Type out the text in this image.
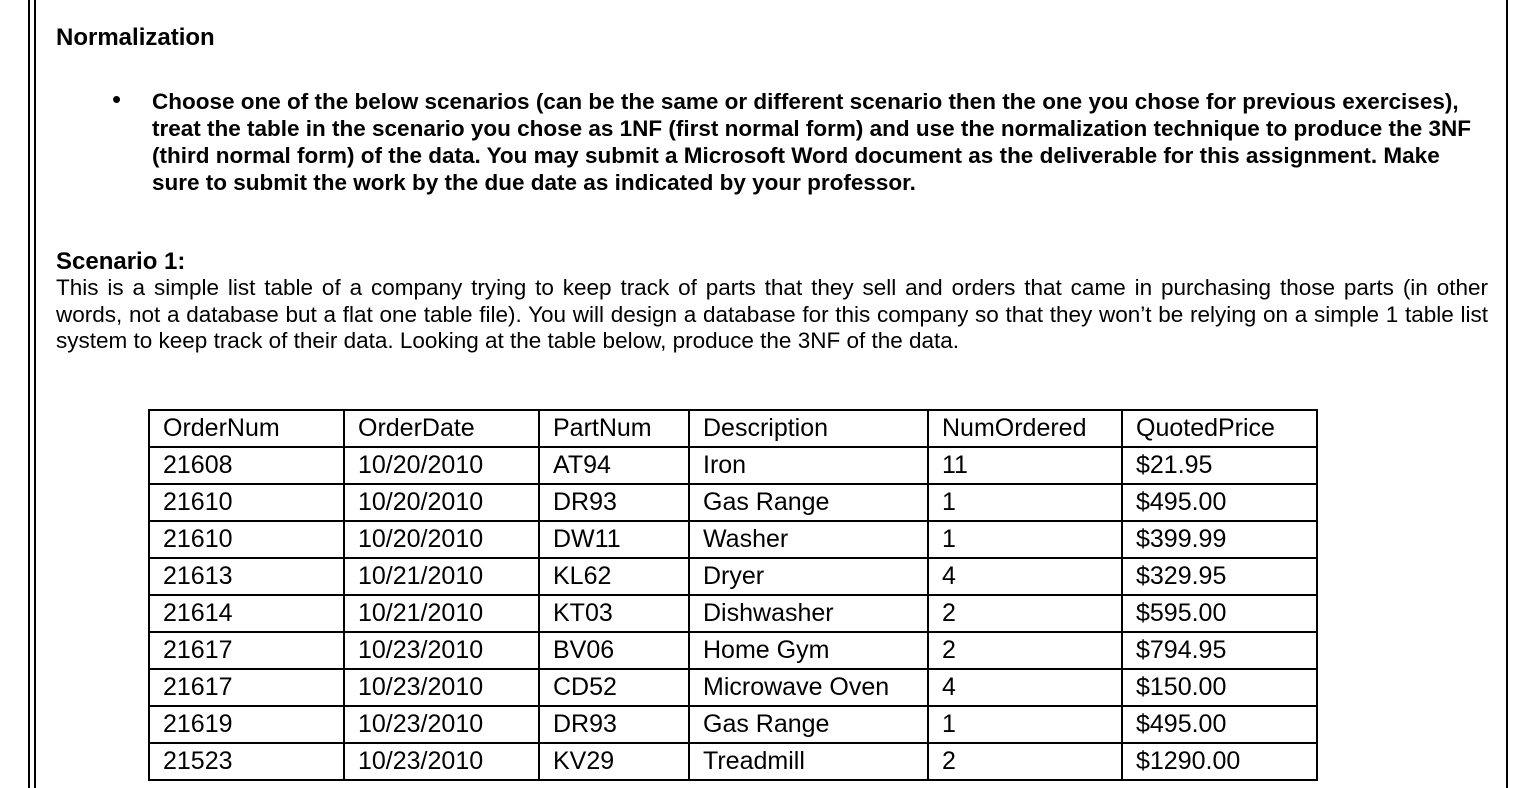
Normalization
• Choose one of the below scenarios (can be the same or different scenario then the one you chose for previous exercises), treat the table in the scenario you chose as 1NF (first normal form) and use the normalization technique to produce the 3NF (third normal form) of the data. You may submit a Microsoft Word document as the deliverable for this assignment. Make sure to submit the work by the due date as indicated by your professor.
Scenario 1:
This is a simple list table of a company trying to keep track of parts that they sell and orders that came in purchasing those parts (in other words, not a database but a flat one table file). You will design a database for this company so that they won’t be relying on a simple 1 table list system to keep track of their data. Looking at the table below, produce the 3NF of the data.
OrderNum	OrderDate	PartNum	Description	NumOrdered	QuotedPrice
21608	10/20/2010	AT94	Iron	11	$21.95
21610	10/20/2010	DR93	Gas Range	1	$495.00
21610	10/20/2010	DW11	Washer	1	$399.99
21613	10/21/2010	KL62	Dryer	4	$329.95
21614	10/21/2010	KT03	Dishwasher	2	$595.00
21617	10/23/2010	BV06	Home Gym	2	$794.95
21617	10/23/2010	CD52	Microwave Oven	4	$150.00
21619	10/23/2010	DR93	Gas Range	1	$495.00
21523	10/23/2010	KV29	Treadmill	2	$1290.00
